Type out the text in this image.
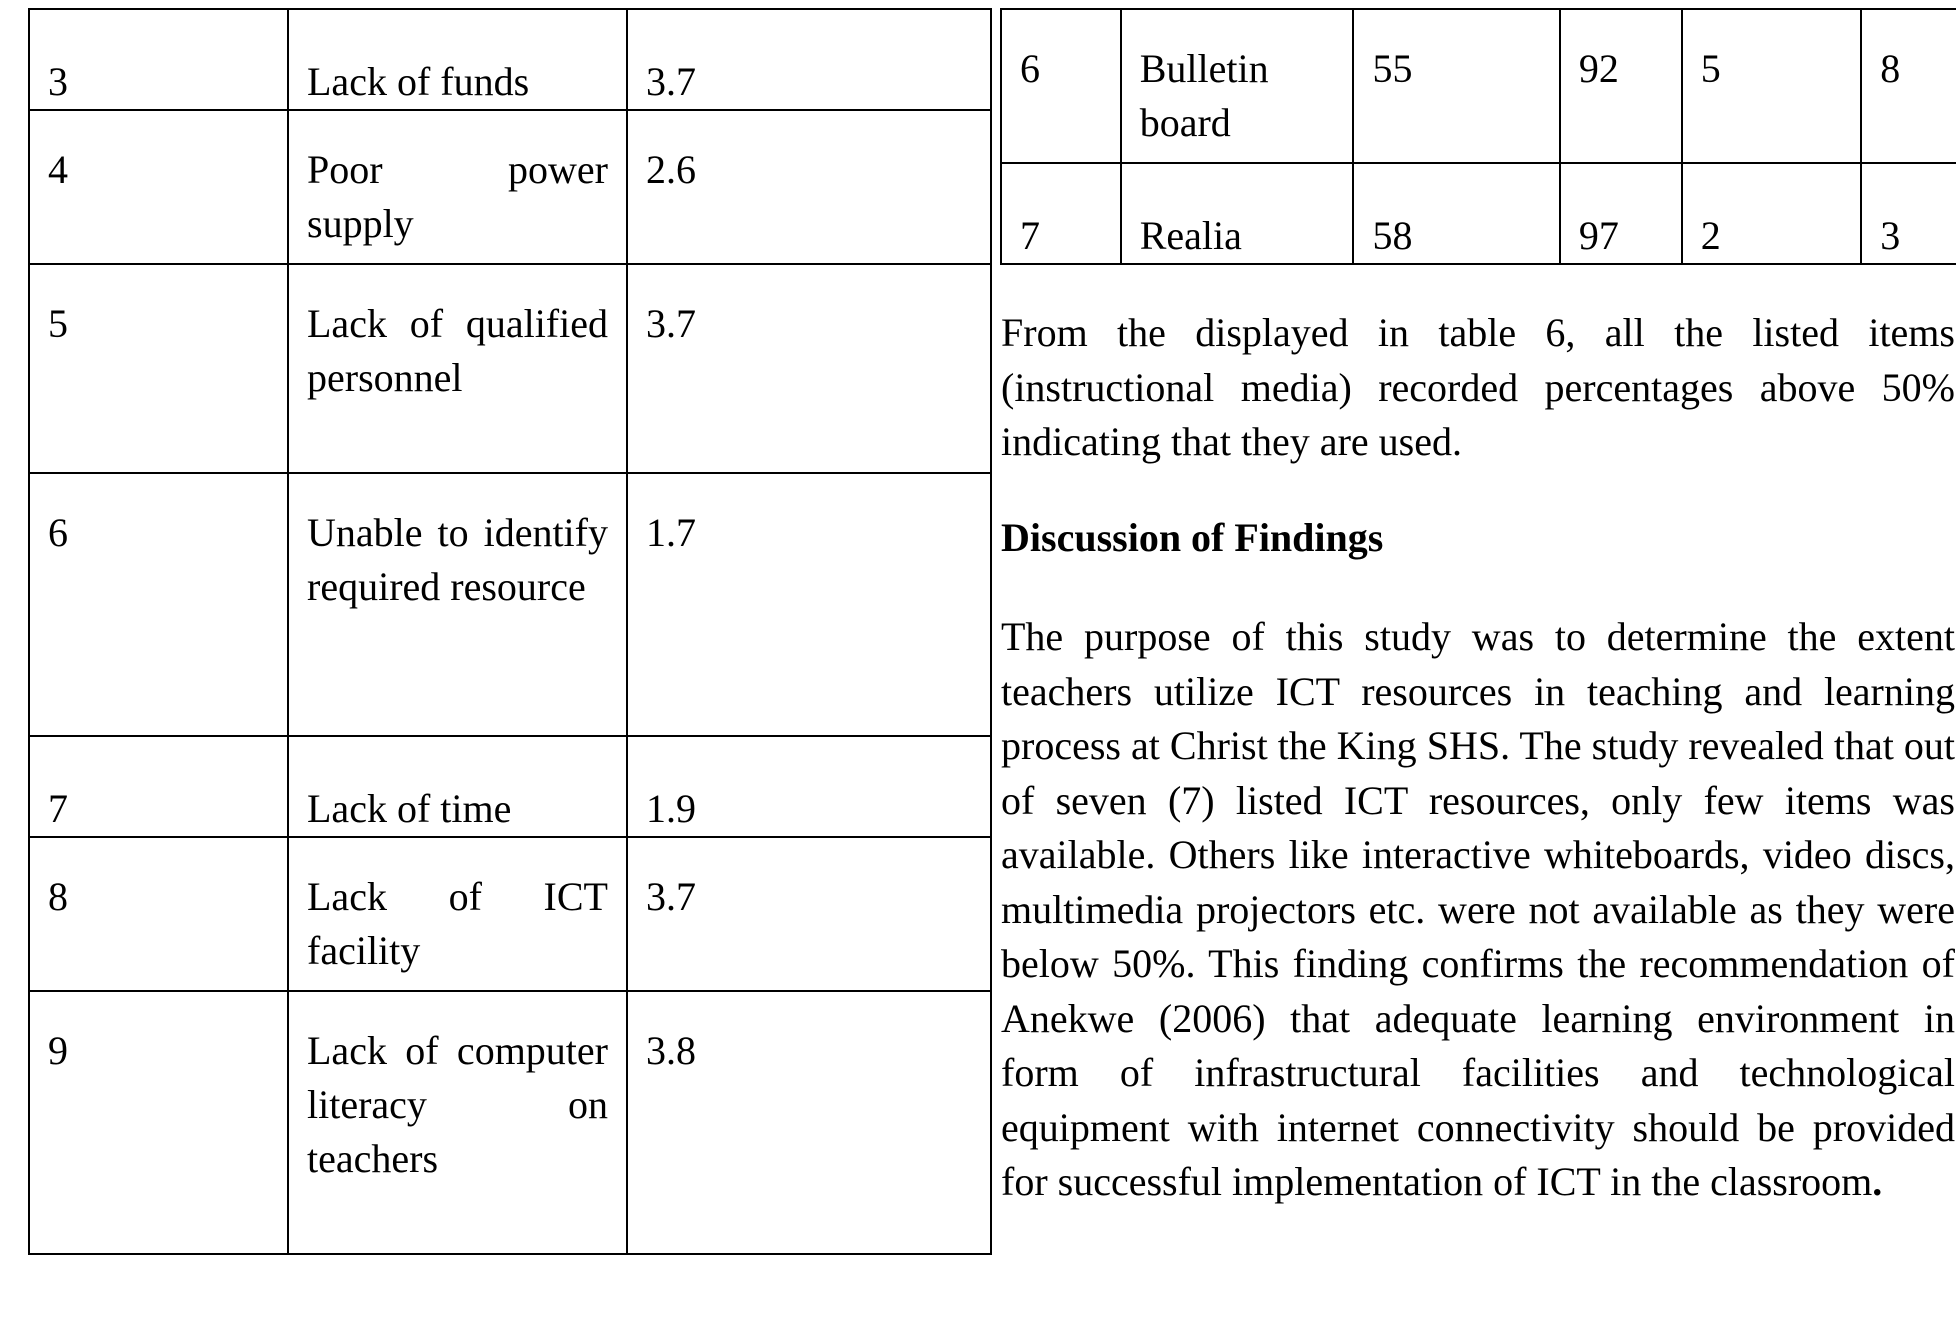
3	Lack of funds	3.7

4	Poor power supply	2.6

5	Lack of qualified personnel	3.7

6	Unable to identify required resource	1.7

7	Lack of time	1.9

8	Lack of ICT facility	3.7

9	Lack of computer literacy on teachers	3.8
6	Bulletin board	55	92	5	8

7	Realia	58	97	2	3
From the displayed in table 6, all the listed items (instructional media) recorded percentages above 50% indicating that they are used.
Discussion of Findings
The purpose of this study was to determine the extent teachers utilize ICT resources in teaching and learning process at Christ the King SHS. The study revealed that out of seven (7) listed ICT resources, only few items was available. Others like interactive whiteboards, video discs, multimedia projectors etc. were not available as they were below 50%. This finding confirms the recommendation of Anekwe (2006) that adequate learning environment in form of infrastructural facilities and technological equipment with internet connectivity should be provided for successful implementation of ICT in the classroom.
